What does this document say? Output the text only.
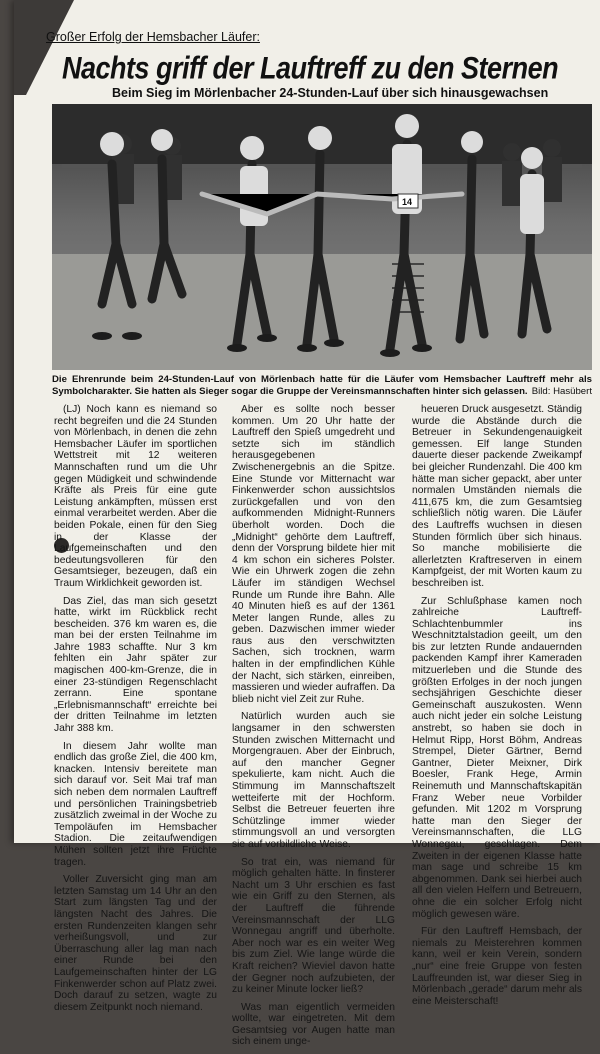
Großer Erfolg der Hemsbacher Läufer:
Nachts griff der Lauftreff zu den Sternen
Beim Sieg im Mörlenbacher 24-Stunden-Lauf über sich hinausgewachsen
14
Die Ehrenrunde beim 24-Stunden-Lauf von Mörlenbach hatte für die Läufer vom Hemsbacher Lauftreff mehr als Symbolcharakter. Sie hatten als Sieger sogar die Gruppe der Vereinsmannschaften hinter sich gelassen. Bild: Hasübert

(LJ) Noch kann es niemand so recht begreifen und die 24 Stunden von Mörlenbach, in denen die zehn Hemsbacher Läufer im sportlichen Wettstreit mit 12 weiteren Mannschaften rund um die Uhr gegen Müdigkeit und schwindende Kräfte als Preis für eine gute Leistung ankämpften, müssen erst einmal verarbeitet werden. Aber die beiden Pokale, einen für den Sieg in der Klasse der Laufgemeinschaften und den bedeutungsvolleren für den Gesamtsieger, bezeugen, daß ein Traum Wirklichkeit geworden ist.

Das Ziel, das man sich gesetzt hatte, wirkt im Rückblick recht bescheiden. 376 km waren es, die man bei der ersten Teilnahme im Jahre 1983 schaffte. Nur 3 km fehlten ein Jahr später zur magischen 400-km-Grenze, die in einer 23-stündigen Regenschlacht zerrann. Eine spontane „Erlebnismannschaft“ erreichte bei der dritten Teilnahme im letzten Jahr 388 km.

In diesem Jahr wollte man endlich das große Ziel, die 400 km, knacken. Intensiv bereitete man sich darauf vor. Seit Mai traf man sich neben dem normalen Lauftreff und persönlichen Trainingsbetrieb zusätzlich zweimal in der Woche zu Tempoläufen im Hemsbacher Stadion. Die zeitaufwendigen Mühen sollten jetzt ihre Früchte tragen.

Voller Zuversicht ging man am letzten Samstag um 14 Uhr an den Start zum längsten Tag und der längsten Nacht des Jahres. Die ersten Rundenzeiten klangen sehr verheißungsvoll, und zur Überraschung aller lag man nach einer Runde bei den Laufgemeinschaften hinter der LG Finkenwerder schon auf Platz zwei. Doch darauf zu setzen, wagte zu diesem Zeitpunkt noch niemand.

Aber es sollte noch besser kommen. Um 20 Uhr hatte der Lauftreff den Spieß umgedreht und setzte sich im ständlich herausgegebenen Zwischenergebnis an die Spitze. Eine Stunde vor Mitternacht war Finkenwerder schon aussichtslos zurückgefallen und von den aufkommenden Midnight-Runners überholt worden. Doch die „Midnight“ gehörte dem Lauftreff, denn der Vorsprung bildete hier mit 4 km schon ein sicheres Polster. Wie ein Uhrwerk zogen die zehn Läufer im ständigen Wechsel Runde um Runde ihre Bahn. Alle 40 Minuten hieß es auf der 1361 Meter langen Runde, alles zu geben. Dazwischen immer wieder raus aus den verschwitzten Sachen, sich trocknen, warm halten in der empfindlichen Kühle der Nacht, sich stärken, einreiben, massieren und wieder aufraffen. Da blieb nicht viel Zeit zur Ruhe.

Natürlich wurden auch sie langsamer in den schwersten Stunden zwischen Mitternacht und Morgengrauen. Aber der Einbruch, auf den mancher Gegner spekulierte, kam nicht. Auch die Stimmung im Mannschaftszelt wetteiferte mit der Hochform. Selbst die Betreuer feuerten ihre Schützlinge immer wieder stimmungsvoll an und versorgten sie auf vorbildliche Weise.

So trat ein, was niemand für möglich gehalten hätte. In finsterer Nacht um 3 Uhr erschien es fast wie ein Griff zu den Sternen, als der Lauftreff die führende Vereinsmannschaft der LLG Wonnegau angriff und überholte. Aber noch war es ein weiter Weg bis zum Ziel. Wie lange würde die Kraft reichen? Wieviel davon hatte der Gegner noch aufzubieten, der zu keiner Minute locker ließ?

Was man eigentlich vermeiden wollte, war eingetreten. Mit dem Gesamtsieg vor Augen hatte man sich einem unge-

heueren Druck ausgesetzt. Ständig wurde die Abstände durch die Betreuer in Sekundengenauigkeit gemessen. Elf lange Stunden dauerte dieser packende Zweikampf bei gleicher Rundenzahl. Die 400 km hätte man sicher gepackt, aber unter normalen Umständen niemals die 411,675 km, die zum Gesamtsieg schließlich nötig waren. Die Läufer des Lauftreffs wuchsen in diesen Stunden förmlich über sich hinaus. So manche mobilisierte die allerletzten Kraftreserven in einem Kampfgeist, der mit Worten kaum zu beschreiben ist.

Zur Schlußphase kamen noch zahlreiche Lauftreff-Schlachtenbummler ins Weschnitztalstadion geeilt, um den bis zur letzten Runde andauernden packenden Kampf ihrer Kameraden mitzuerleben und die Stunde des größten Erfolges in der noch jungen sechsjährigen Geschichte dieser Gemeinschaft auszukosten. Wenn auch nicht jeder ein solche Leistung anstrebt, so haben sie doch in Helmut Ripp, Horst Böhm, Andreas Strempel, Dieter Gärtner, Bernd Gantner, Dieter Meixner, Dirk Boesler, Frank Hege, Armin Reinemuth und Mannschaftskapitän Franz Weber neue Vorbilder gefunden. Mit 1202 m Vorsprung hatte man den Sieger der Vereinsmannschaften, die LLG Wonnegau, geschlagen. Dem Zweiten in der eigenen Klasse hatte man sage und schreibe 15 km abgenommen. Dank sei hierbei auch all den vielen Helfern und Betreuern, ohne die ein solcher Erfolg nicht möglich gewesen wäre.

Für den Lauftreff Hemsbach, der niemals zu Meisterehren kommen kann, weil er kein Verein, sondern „nur“ eine freie Gruppe von festen Lauffreunden ist, war dieser Sieg in Mörlenbach „gerade“ darum mehr als eine Meisterschaft!
